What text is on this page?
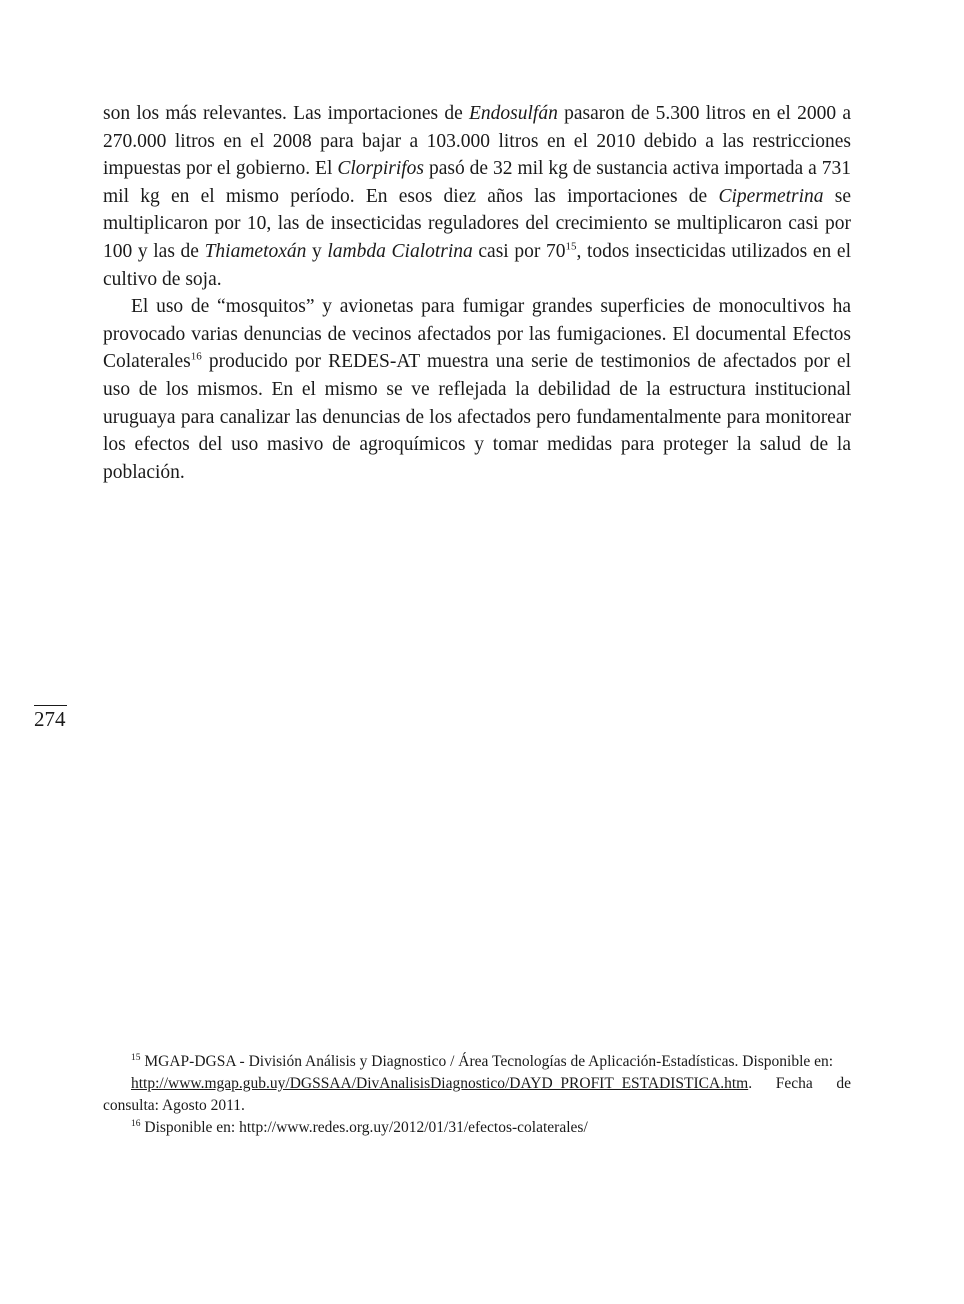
son los más relevantes. Las importaciones de Endosulfán pasaron de 5.300 litros en el 2000 a 270.000 litros en el 2008 para bajar a 103.000 litros en el 2010 debido a las restricciones impuestas por el gobierno. El Clorpirifos pasó de 32 mil kg de sustancia activa importada a 731 mil kg en el mismo período. En esos diez años las importaciones de Cipermetrina se multiplicaron por 10, las de insecticidas reguladores del crecimiento se multiplicaron casi por 100 y las de Thiametoxán y lambda Cialotrina casi por $70^{15}$, todos insecticidas utilizados en el cultivo de soja.

El uso de “mosquitos” y avionetas para fumigar grandes superficies de monocultivos ha provocado varias denuncias de vecinos afectados por las fumigaciones. El documental Efectos Colaterales$^{16}$ producido por REDES-AT muestra una serie de testimonios de afectados por el uso de los mismos. En el mismo se ve reflejada la debilidad de la estructura institucional uruguaya para canalizar las denuncias de los afectados pero fundamentalmente para monitorear los efectos del uso masivo de agroquímicos y tomar medidas para proteger la salud de la población.

274

$^{15}$ MGAP-DGSA - División Análisis y Diagnostico / Área Tecnologías de Aplicación-Estadísticas. Disponible en:

http://www.mgap.gub.uy/DGSSAA/DivAnalisisDiagnostico/DAYD_PROFIT_ESTADISTICA.htm. Fecha de consulta: Agosto 2011.

$^{16}$ Disponible en: http://www.redes.org.uy/2012/01/31/efectos-colaterales/
